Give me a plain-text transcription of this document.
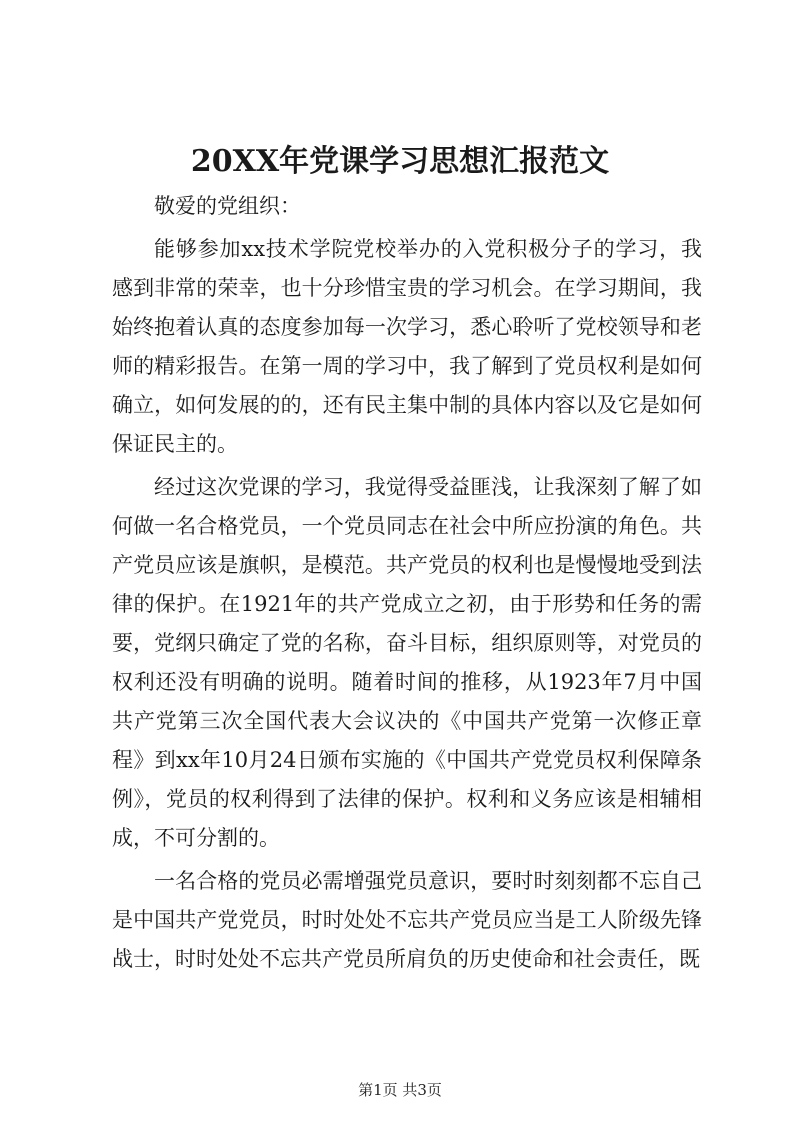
20XX年党课学习思想汇报范文

敬爱的党组织：

能够参加xx技术学院党校举办的入党积极分子的学习，我感到非常的荣幸，也十分珍惜宝贵的学习机会。在学习期间，我始终抱着认真的态度参加每一次学习，悉心聆听了党校领导和老师的精彩报告。在第一周的学习中，我了解到了党员权利是如何确立，如何发展的的，还有民主集中制的具体内容以及它是如何保证民主的。

经过这次党课的学习，我觉得受益匪浅，让我深刻了解了如何做一名合格党员，一个党员同志在社会中所应扮演的角色。共产党员应该是旗帜，是模范。共产党员的权利也是慢慢地受到法律的保护。在1921年的共产党成立之初，由于形势和任务的需要，党纲只确定了党的名称，奋斗目标，组织原则等，对党员的权利还没有明确的说明。随着时间的推移，从1923年7月中国共产党第三次全国代表大会议决的《中国共产党第一次修正章程》到xx年10月24日颁布实施的《中国共产党党员权利保障条例》，党员的权利得到了法律的保护。权利和义务应该是相辅相成，不可分割的。

一名合格的党员必需增强党员意识，要时时刻刻都不忘自己是中国共产党党员，时时处处不忘共产党员应当是工人阶级先锋战士，时时处处不忘共产党员所肩负的历史使命和社会责任，既

第1页 共3页
